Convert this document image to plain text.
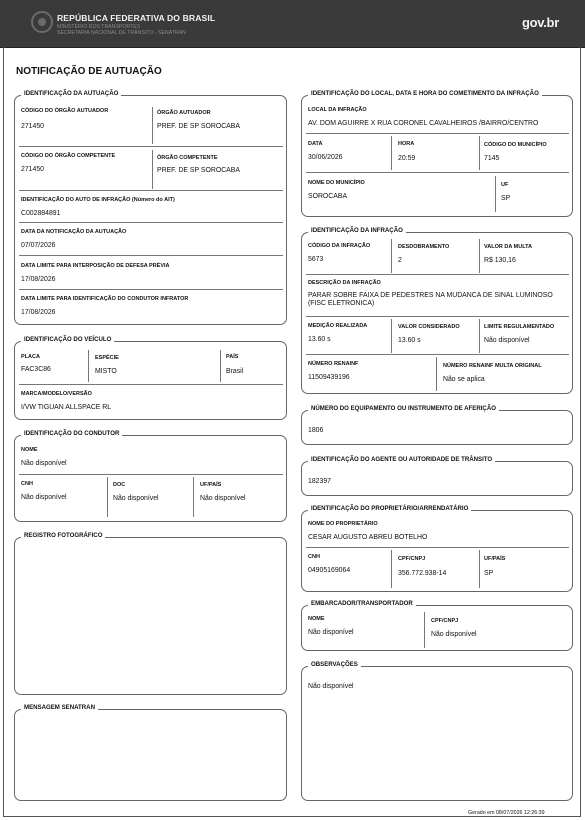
REPÚBLICA FEDERATIVA DO BRASIL
MINISTÉRIO DOS TRANSPORTES
SECRETARIA NACIONAL DE TRÂNSITO - SENATRAN
gov.br
NOTIFICAÇÃO DE AUTUAÇÃO
IDENTIFICAÇÃO DA AUTUAÇÃO
CÓDIGO DO ÓRGÃO AUTUADOR
271450
ÓRGÃO AUTUADOR
PREF. DE SP SOROCABA
CÓDIGO DO ÓRGÃO COMPETENTE
271450
ÓRGÃO COMPETENTE
PREF. DE SP SOROCABA
IDENTIFICAÇÃO DO AUTO DE INFRAÇÃO (Número do AIT)
C002884891
DATA DA NOTIFICAÇÃO DA AUTUAÇÃO
07/07/2026
DATA LIMITE PARA INTERPOSIÇÃO DE DEFESA PRÉVIA
17/08/2026
DATA LIMITE PARA IDENTIFICAÇÃO DO CONDUTOR INFRATOR
17/08/2026
IDENTIFICAÇÃO DO LOCAL, DATA E HORA DO COMETIMENTO DA INFRAÇÃO
LOCAL DA INFRAÇÃO
AV. DOM AGUIRRE X RUA CORONEL CAVALHEIROS /BAIRRO/CENTRO
DATA
30/06/2026
HORA
20:59
CÓDIGO DO MUNICÍPIO
7145
NOME DO MUNICÍPIO
SOROCABA
UF
SP
IDENTIFICAÇÃO DA INFRAÇÃO
CÓDIGO DA INFRAÇÃO
5673
DESDOBRAMENTO
2
VALOR DA MULTA
R$ 130,16
DESCRIÇÃO DA INFRAÇÃO
PARAR SOBRE FAIXA DE PEDESTRES NA MUDANCA DE SINAL LUMINOSO (FISC ELETRONICA)
MEDIÇÃO REALIZADA
13.60 s
VALOR CONSIDERADO
13.60 s
LIMITE REGULAMENTADO
Não disponível
NÚMERO RENAINF
11509439196
NÚMERO RENAINF MULTA ORIGINAL
Não se aplica
IDENTIFICAÇÃO DO VEÍCULO
PLACA
FAC3C86
ESPÉCIE
MISTO
PAÍS
Brasil
MARCA/MODELO/VERSÃO
I/VW TIGUAN ALLSPACE RL	NÚMERO DO EQUIPAMENTO OU INSTRUMENTO DE AFERIÇÃO
1806
IDENTIFICAÇÃO DO CONDUTOR
NOME
Não disponível
CNH
Não disponível
DOC
Não disponível
UF/PAÍS
Não disponível
IDENTIFICAÇÃO DO AGENTE OU AUTORIDADE DE TRÂNSITO
182397
IDENTIFICAÇÃO DO PROPRIETÁRIO/ARRENDATÁRIO
NOME DO PROPRIETÁRIO
CESAR AUGUSTO ABREU BOTELHO
CNH
04905169064
CPF/CNPJ
356.772.938-14
UF/PAÍS
SP
REGISTRO FOTOGRÁFICO
EMBARCADOR/TRANSPORTADOR
NOME
Não disponível
CPF/CNPJ
Não disponível
OBSERVAÇÕES
Não disponível
MENSAGEM SENATRAN
Gerado em 08/07/2026 12:26:39
